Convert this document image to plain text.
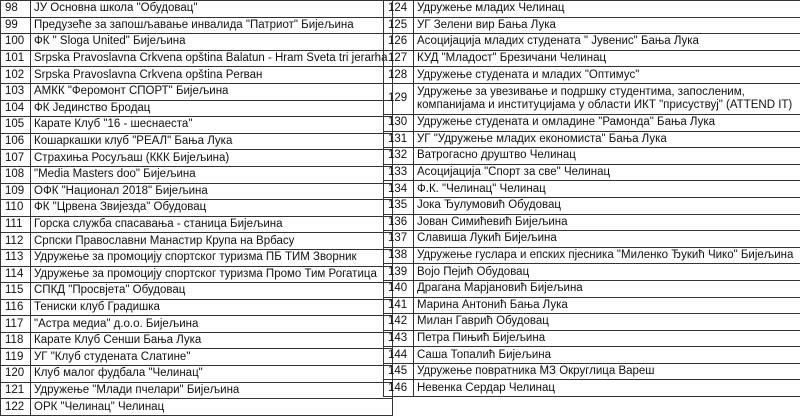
98	ЈУ Основна школа "Обудовац"
99	Предузеће за запошљавање инвалида "Патриот" Бијељина
100	ФК " Sloga United" Бијељина
101	Srpska Pravoslavna Crkvena opština Balatun - Hram Sveta tri jerarha
102	Srpska Pravoslavna Crkvena opština Perван
103	АМКК "Феромонт СПОРТ" Бијељина
104	ФК Јединство Бродац
105	Карате Клуб "16 - шеснаеста"
106	Кошаркашки клуб "РЕАЛ" Бања Лука
107	Страхиња Росуљаш (ККК Бијељина)
108	"Media Masters doo" Бијељина
109	ОФК "Национал 2018" Бијељина
110	ФК "Црвена Звијезда" Обудовац
111	Горска служба спасавања - станица Бијељина
112	Српски Православни Манастир Крупа на Врбасу
113	Удружење за промоцију спортског туризма ПБ ТИМ Зворник
114	Удружење за промоцију спортског туризма Промо Тим Рогатица
115	СПКД "Просвјета" Обудовац
116	Тениски клуб Градишка
117	"Астра медиа" д.о.о. Бијељина
118	Карате Клуб Сенши Бања Лука
119	УГ "Клуб студената Слатине"
120	Клуб малог фудбала "Челинац"
121	Удружење "Млади пчелари" Бијељина
122	ОРК "Челинац" Челинац
124	Удружење младих Челинац
125	УГ Зелени вир Бања Лука
126	Асоцијација младих студената " Јувенис" Бања Лука
127	КУД "Младост" Брезичани Челинац
128	Удружење студената и младих "Оптимус"
129	Удружење за увезивање и подршку студентима, запосленим, компанијама и институцијама у области ИКТ "присуствуј" (ATTEND IT)
130	Удружење студената и омладине "Рамонда" Бања Лука
131	УГ "Удружење младих економиста" Бања Лука
132	Ватрогасно друштво Челинац
133	Асоцијација "Спорт за све" Челинац
134	Ф.К. "Челинац" Челинац
135	Јока Ђулумовић Обудовац
136	Јован Симићевић Бијељина
137	Славиша Лукић Бијељина
138	Удружење гуслара и епских пјесника "Миленко Ђукић Чико" Бијељина
139	Војо Пејић Обудовац
140	Драгана Марјановић Бијељина
141	Марина Антонић Бања Лука
142	Милан Гаврић Обудовац
143	Петра Пињић Бијељина
144	Саша Топалић Бијељина
145	Удружење повратника МЗ Округлица Вареш
146	Невенка Сердар Челинац
